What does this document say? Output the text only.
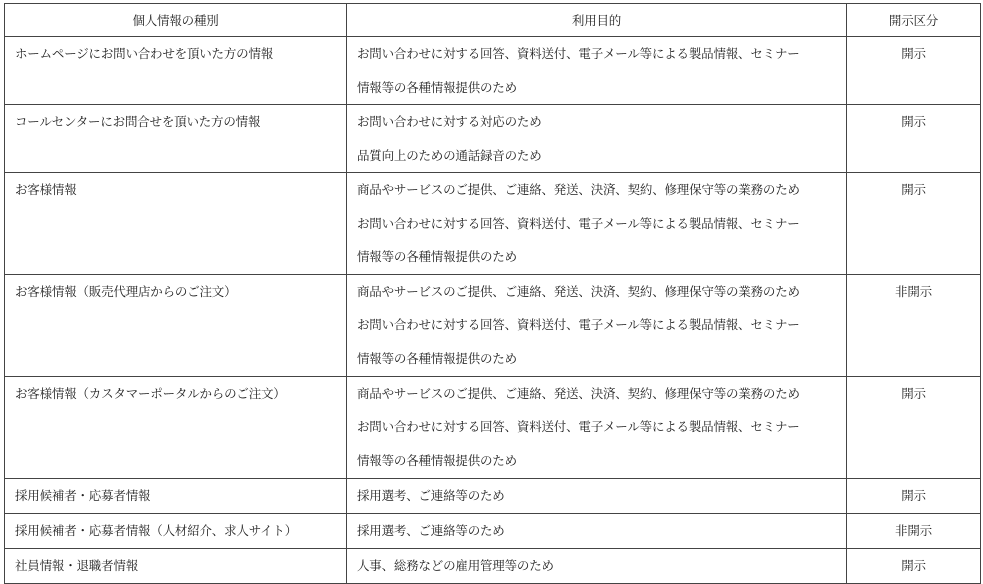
個人情報の種別	利用目的	開示区分

ホームページにお問い合わせを頂いた方の情報	お問い合わせに対する回答、資料送付、電子メール等による製品情報、セミナー
情報等の各種情報提供のため	開示

コールセンターにお問合せを頂いた方の情報	お問い合わせに対する対応のため
品質向上のための通話録音のため	開示

お客様情報	商品やサービスのご提供、ご連絡、発送、決済、契約、修理保守等の業務のため
お問い合わせに対する回答、資料送付、電子メール等による製品情報、セミナー
情報等の各種情報提供のため	開示

お客様情報（販売代理店からのご注文）	商品やサービスのご提供、ご連絡、発送、決済、契約、修理保守等の業務のため
お問い合わせに対する回答、資料送付、電子メール等による製品情報、セミナー
情報等の各種情報提供のため	非開示

お客様情報（カスタマーポータルからのご注文）	商品やサービスのご提供、ご連絡、発送、決済、契約、修理保守等の業務のため
お問い合わせに対する回答、資料送付、電子メール等による製品情報、セミナー
情報等の各種情報提供のため	開示

採用候補者・応募者情報	採用選考、ご連絡等のため	開示

採用候補者・応募者情報（人材紹介、求人サイト）	採用選考、ご連絡等のため	非開示

社員情報・退職者情報	人事、総務などの雇用管理等のため	開示
